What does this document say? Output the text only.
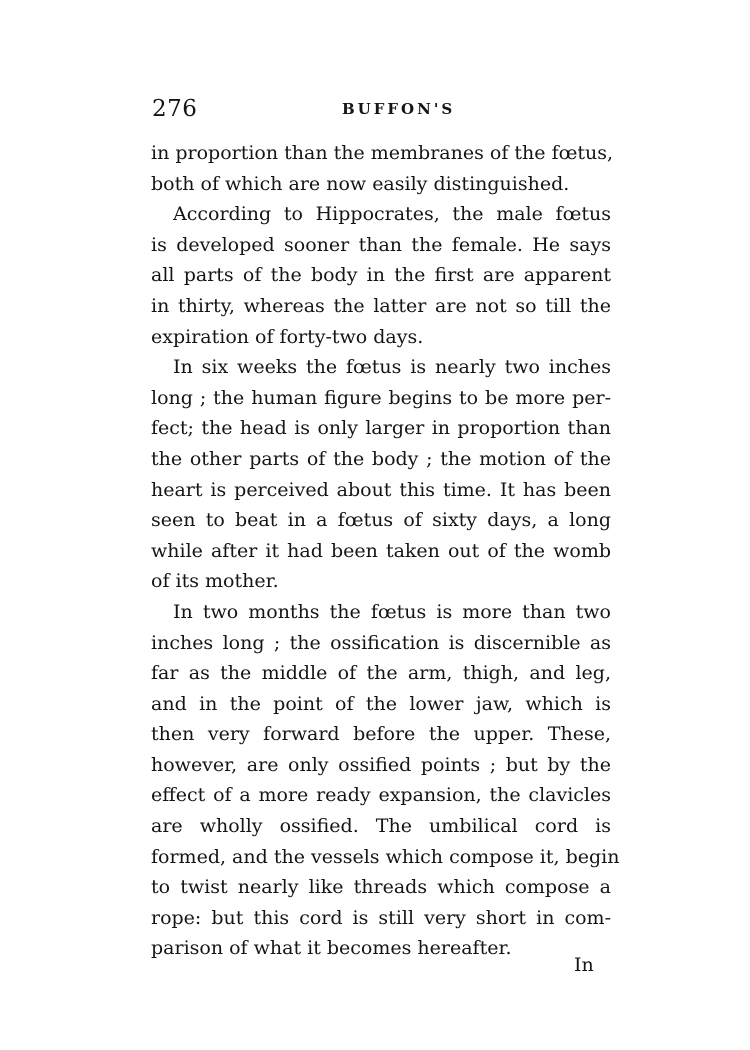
276	BUFFON'S
in proportion than the membranes of the fœtus,
both of which are now easily distinguished.
According to Hippocrates, the male fœtus
is developed sooner than the female. He says
all parts of the body in the first are apparent
in thirty, whereas the latter are not so till the
expiration of forty-two days.
In six weeks the fœtus is nearly two inches
long ; the human figure begins to be more per-
fect; the head is only larger in proportion than
the other parts of the body ; the motion of the
heart is perceived about this time. It has been
seen to beat in a fœtus of sixty days, a long
while after it had been taken out of the womb
of its mother.
In two months the fœtus is more than two
inches long ; the ossification is discernible as
far as the middle of the arm, thigh, and leg,
and in the point of the lower jaw, which is
then very forward before the upper. These,
however, are only ossified points ; but by the
effect of a more ready expansion, the clavicles
are wholly ossified. The umbilical cord is
formed, and the vessels which compose it, begin
to twist nearly like threads which compose a
rope: but this cord is still very short in com-
parison of what it becomes hereafter.
In
